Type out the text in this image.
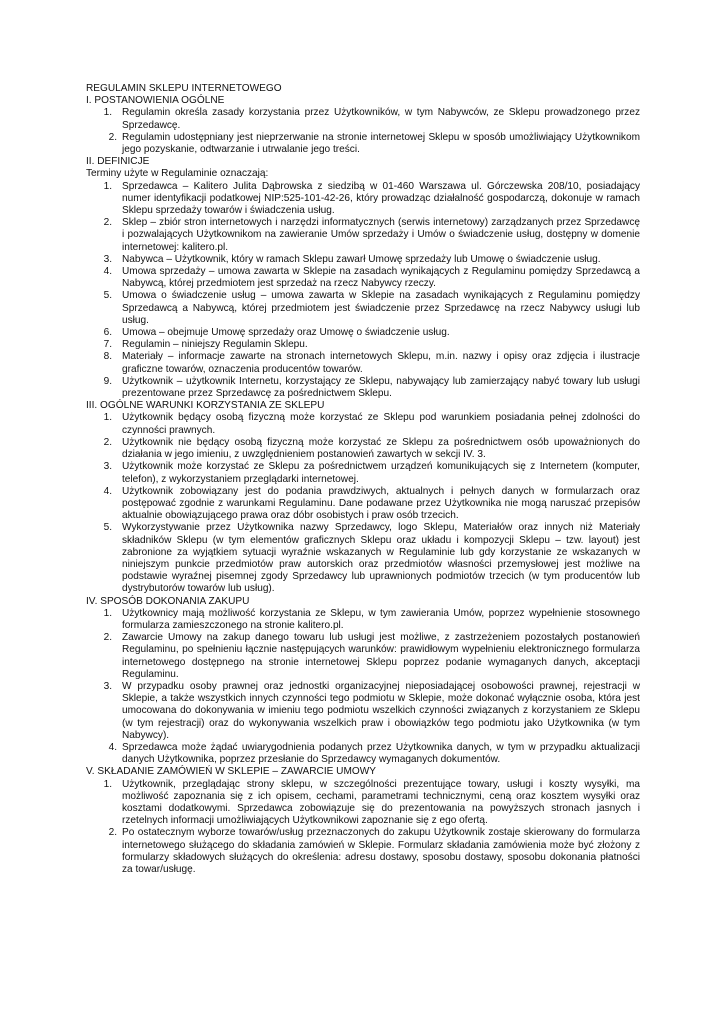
REGULAMIN SKLEPU INTERNETOWEGO

I. POSTANOWIENIA OGÓLNE

1. Regulamin określa zasady korzystania przez Użytkowników, w tym Nabywców, ze Sklepu prowadzonego przez Sprzedawcę.
2. Regulamin udostępniany jest nieprzerwanie na stronie internetowej Sklepu w sposób umożliwiający Użytkownikom jego pozyskanie, odtwarzanie i utrwalanie jego treści.

II. DEFINICJE

Terminy użyte w Regulaminie oznaczają:

1. Sprzedawca – Kalitero Julita Dąbrowska z siedzibą w 01-460 Warszawa ul. Górczewska 208/10, posiadający numer identyfikacji podatkowej NIP:525-101-42-26, który prowadząc działalność gospodarczą, dokonuje w ramach Sklepu sprzedaży towarów i świadczenia usług.
2. Sklep – zbiór stron internetowych i narzędzi informatycznych (serwis internetowy) zarządzanych przez Sprzedawcę i pozwalających Użytkownikom na zawieranie Umów sprzedaży i Umów o świadczenie usług, dostępny w domenie internetowej: kalitero.pl.
3. Nabywca – Użytkownik, który w ramach Sklepu zawarł Umowę sprzedaży lub Umowę o świadczenie usług.
4. Umowa sprzedaży – umowa zawarta w Sklepie na zasadach wynikających z Regulaminu pomiędzy Sprzedawcą a Nabywcą, której przedmiotem jest sprzedaż na rzecz Nabywcy rzeczy.
5. Umowa o świadczenie usług – umowa zawarta w Sklepie na zasadach wynikających z Regulaminu pomiędzy Sprzedawcą a Nabywcą, której przedmiotem jest świadczenie przez Sprzedawcę na rzecz Nabywcy usługi lub usług.
6. Umowa – obejmuje Umowę sprzedaży oraz Umowę o świadczenie usług.
7. Regulamin – niniejszy Regulamin Sklepu.
8. Materiały – informacje zawarte na stronach internetowych Sklepu, m.in. nazwy i opisy oraz zdjęcia i ilustracje graficzne towarów, oznaczenia producentów towarów.
9. Użytkownik – użytkownik Internetu, korzystający ze Sklepu, nabywający lub zamierzający nabyć towary lub usługi prezentowane przez Sprzedawcę za pośrednictwem Sklepu.

III. OGÓLNE WARUNKI KORZYSTANIA ZE SKLEPU

1. Użytkownik będący osobą fizyczną może korzystać ze Sklepu pod warunkiem posiadania pełnej zdolności do czynności prawnych.
2. Użytkownik nie będący osobą fizyczną może korzystać ze Sklepu za pośrednictwem osób upoważnionych do działania w jego imieniu, z uwzględnieniem postanowień zawartych w sekcji IV. 3.
3. Użytkownik może korzystać ze Sklepu za pośrednictwem urządzeń komunikujących się z Internetem (komputer, telefon), z wykorzystaniem przeglądarki internetowej.
4. Użytkownik zobowiązany jest do podania prawdziwych, aktualnych i pełnych danych w formularzach oraz postępować zgodnie z warunkami Regulaminu. Dane podawane przez Użytkownika nie mogą naruszać przepisów aktualnie obowiązującego prawa oraz dóbr osobistych i praw osób trzecich.
5. Wykorzystywanie przez Użytkownika nazwy Sprzedawcy, logo Sklepu, Materiałów oraz innych niż Materiały składników Sklepu (w tym elementów graficznych Sklepu oraz układu i kompozycji Sklepu – tzw. layout) jest zabronione za wyjątkiem sytuacji wyraźnie wskazanych w Regulaminie lub gdy korzystanie ze wskazanych w niniejszym punkcie przedmiotów praw autorskich oraz przedmiotów własności przemysłowej jest możliwe na podstawie wyraźnej pisemnej zgody Sprzedawcy lub uprawnionych podmiotów trzecich (w tym producentów lub dystrybutorów towarów lub usług).

IV. SPOSÓB DOKONANIA ZAKUPU

1. Użytkownicy mają możliwość korzystania ze Sklepu, w tym zawierania Umów, poprzez wypełnienie stosownego formularza zamieszczonego na stronie kalitero.pl.
2. Zawarcie Umowy na zakup danego towaru lub usługi jest możliwe, z zastrzeżeniem pozostałych postanowień Regulaminu, po spełnieniu łącznie następujących warunków: prawidłowym wypełnieniu elektronicznego formularza internetowego dostępnego na stronie internetowej Sklepu poprzez podanie wymaganych danych, akceptacji Regulaminu.
3. W przypadku osoby prawnej oraz jednostki organizacyjnej nieposiadającej osobowości prawnej, rejestracji w Sklepie, a także wszystkich innych czynności tego podmiotu w Sklepie, może dokonać wyłącznie osoba, która jest umocowana do dokonywania w imieniu tego podmiotu wszelkich czynności związanych z korzystaniem ze Sklepu (w tym rejestracji) oraz do wykonywania wszelkich praw i obowiązków tego podmiotu jako Użytkownika (w tym Nabywcy).
4. Sprzedawca może żądać uwiarygodnienia podanych przez Użytkownika danych, w tym w przypadku aktualizacji danych Użytkownika, poprzez przesłanie do Sprzedawcy wymaganych dokumentów.

V. SKŁADANIE ZAMÓWIEŃ W SKLEPIE – ZAWARCIE UMOWY

1. Użytkownik, przeglądając strony sklepu, w szczególności prezentujące towary, usługi i koszty wysyłki, ma możliwość zapoznania się z ich opisem, cechami, parametrami technicznymi, ceną oraz kosztem wysyłki oraz kosztami dodatkowymi. Sprzedawca zobowiązuje się do prezentowania na powyższych stronach jasnych i rzetelnych informacji umożliwiających Użytkownikowi zapoznanie się z ego ofertą.
2. Po ostatecznym wyborze towarów/usług przeznaczonych do zakupu Użytkownik zostaje skierowany do formularza internetowego służącego do składania zamówień w Sklepie. Formularz składania zamówienia może być złożony z formularzy składowych służących do określenia: adresu dostawy, sposobu dostawy, sposobu dokonania płatności za towar/usługę.
